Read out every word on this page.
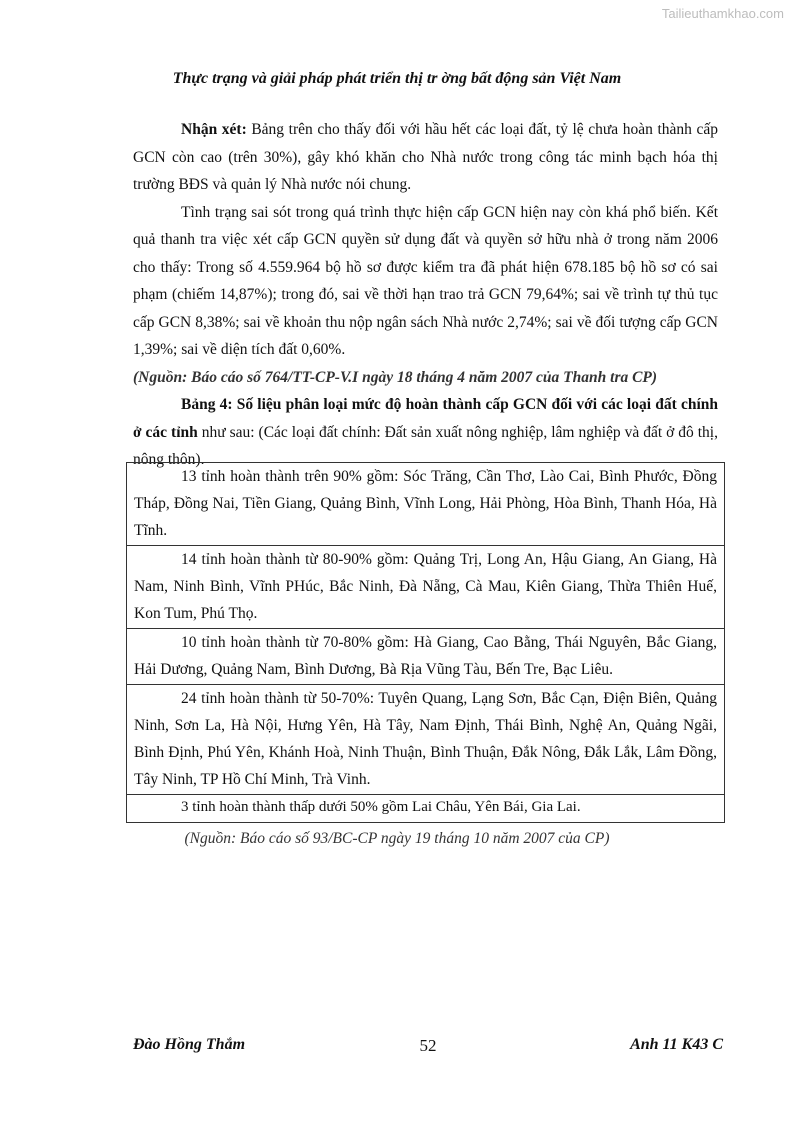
Tailieuthamkhao.com
Thực trạng và giải pháp phát triển thị tr ờng bất động sản Việt Nam

Nhận xét: Bảng trên cho thấy đối với hầu hết các loại đất, tỷ lệ chưa hoàn thành cấp GCN còn cao (trên 30%), gây khó khăn cho Nhà nước trong công tác minh bạch hóa thị trường BĐS và quản lý Nhà nước nói chung.

Tình trạng sai sót trong quá trình thực hiện cấp GCN hiện nay còn khá phổ biến. Kết quả thanh tra việc xét cấp GCN quyền sử dụng đất và quyền sở hữu nhà ở trong năm 2006 cho thấy: Trong số 4.559.964 bộ hồ sơ được kiểm tra đã phát hiện 678.185 bộ hồ sơ có sai phạm (chiếm 14,87%); trong đó, sai về thời hạn trao trả GCN 79,64%; sai về trình tự thủ tục cấp GCN 8,38%; sai về khoản thu nộp ngân sách Nhà nước 2,74%; sai về đối tượng cấp GCN 1,39%; sai về diện tích đất 0,60%.

(Nguồn: Báo cáo số 764/TT-CP-V.I ngày 18 tháng 4 năm 2007 của Thanh tra CP)

Bảng 4: Số liệu phân loại mức độ hoàn thành cấp GCN đối với các loại đất chính ở các tỉnh như sau: (Các loại đất chính: Đất sản xuất nông nghiệp, lâm nghiệp và đất ở đô thị, nông thôn).

13 tỉnh hoàn thành trên 90% gồm: Sóc Trăng, Cần Thơ, Lào Cai, Bình Phước, Đồng Tháp, Đồng Nai, Tiền Giang, Quảng Bình, Vĩnh Long, Hải Phòng, Hòa Bình, Thanh Hóa, Hà Tĩnh.
14 tỉnh hoàn thành từ 80-90% gồm: Quảng Trị, Long An, Hậu Giang, An Giang, Hà Nam, Ninh Bình, Vĩnh PHúc, Bắc Ninh, Đà Nẵng, Cà Mau, Kiên Giang, Thừa Thiên Huế, Kon Tum, Phú Thọ.
10 tỉnh hoàn thành từ 70-80% gồm: Hà Giang, Cao Bằng, Thái Nguyên, Bắc Giang, Hải Dương, Quảng Nam, Bình Dương, Bà Rịa Vũng Tàu, Bến Tre, Bạc Liêu.
24 tỉnh hoàn thành từ 50-70%: Tuyên Quang, Lạng Sơn, Bắc Cạn, Điện Biên, Quảng Ninh, Sơn La, Hà Nội, Hưng Yên, Hà Tây, Nam Định, Thái Bình, Nghệ An, Quảng Ngãi, Bình Định, Phú Yên, Khánh Hoà, Ninh Thuận, Bình Thuận, Đắk Nông, Đắk Lắk, Lâm Đồng, Tây Ninh, TP Hồ Chí Minh, Trà Vinh.
3 tỉnh hoàn thành thấp dưới 50% gồm Lai Châu, Yên Bái, Gia Lai.
(Nguồn: Báo cáo số 93/BC-CP ngày 19 tháng 10 năm 2007 của CP)
Đào Hồng Thắm	52	Anh 11 K43 C
